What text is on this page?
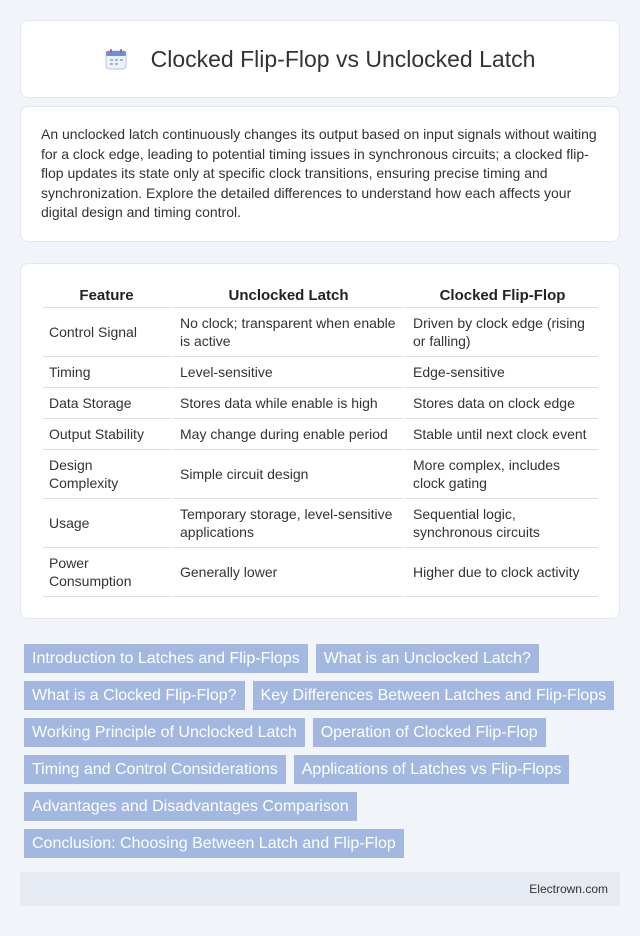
Clocked Flip-Flop vs Unclocked Latch

An unclocked latch continuously changes its output based on input signals without waiting for a clock edge, leading to potential timing issues in synchronous circuits; a clocked flip-flop updates its state only at specific clock transitions, ensuring precise timing and synchronization. Explore the detailed differences to understand how each affects your digital design and timing control.

Feature	Unclocked Latch	Clocked Flip-Flop
Control Signal	No clock; transparent when enable is active	Driven by clock edge (rising or falling)
Timing	Level-sensitive	Edge-sensitive
Data Storage	Stores data while enable is high	Stores data on clock edge
Output Stability	May change during enable period	Stable until next clock event
Design Complexity	Simple circuit design	More complex, includes clock gating
Usage	Temporary storage, level-sensitive applications	Sequential logic, synchronous circuits
Power Consumption	Generally lower	Higher due to clock activity
Introduction to Latches and Flip-Flops	What is an Unclocked Latch?
What is a Clocked Flip-Flop?	Key Differences Between Latches and Flip-Flops
Working Principle of Unclocked Latch	Operation of Clocked Flip-Flop
Timing and Control Considerations	Applications of Latches vs Flip-Flops
Advantages and Disadvantages Comparison
Conclusion: Choosing Between Latch and Flip-Flop
Electrown.com
